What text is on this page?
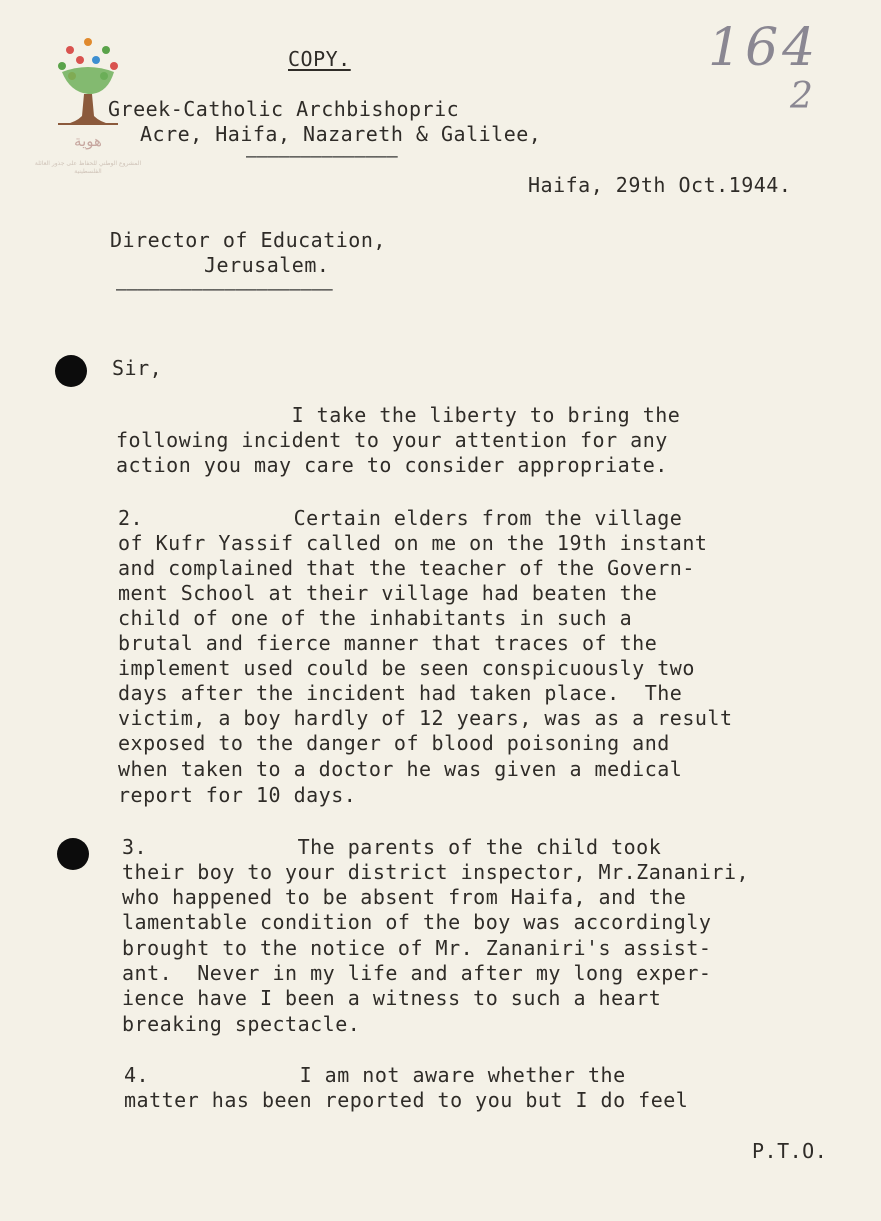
هوية
المشروع الوطني للحفاظ على جذور العائلة الفلسطينية
164
2
COPY.
Greek-Catholic Archbishopric
Acre, Haifa, Nazareth & Galilee,
——————————————
Haifa, 29th Oct.1944.
Director of Education,
Jerusalem.
————————————————————
Sir,
I take the liberty to bring the
following incident to your attention for any
action you may care to consider appropriate.
2.            Certain elders from the village
of Kufr Yassif called on me on the 19th instant
and complained that the teacher of the Govern-
ment School at their village had beaten the
child of one of the inhabitants in such a
brutal and fierce manner that traces of the
implement used could be seen conspicuously two
days after the incident had taken place.  The
victim, a boy hardly of 12 years, was as a result
exposed to the danger of blood poisoning and
when taken to a doctor he was given a medical
report for 10 days.
3.            The parents of the child took
their boy to your district inspector, Mr.Zananiri,
who happened to be absent from Haifa, and the
lamentable condition of the boy was accordingly
brought to the notice of Mr. Zananiri's assist-
ant.  Never in my life and after my long exper-
ience have I been a witness to such a heart
breaking spectacle.
4.            I am not aware whether the
matter has been reported to you but I do feel
P.T.O.
